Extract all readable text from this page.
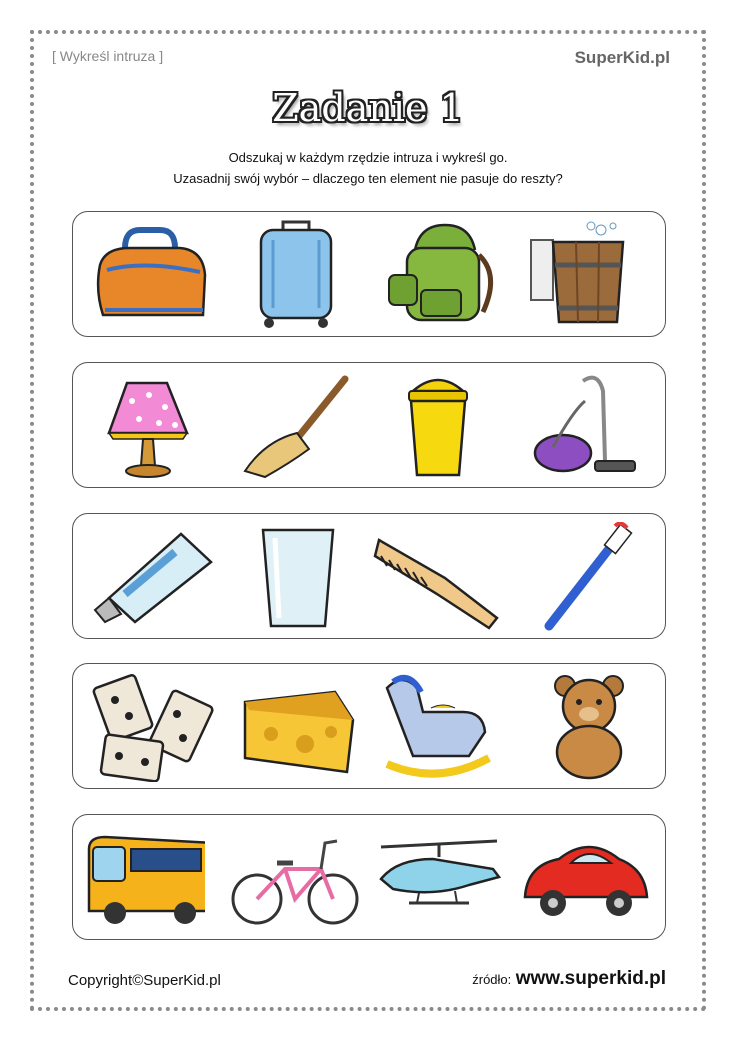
[ Wykreśl intruza ]	SuperKid.pl
Zadanie 1
Odszukaj w każdym rzędzie intruza i wykreśl go.
Uzasadnij swój wybór – dlaczego ten element nie pasuje do reszty?
Copyright©SuperKid.pl	źródło: www.superkid.pl
